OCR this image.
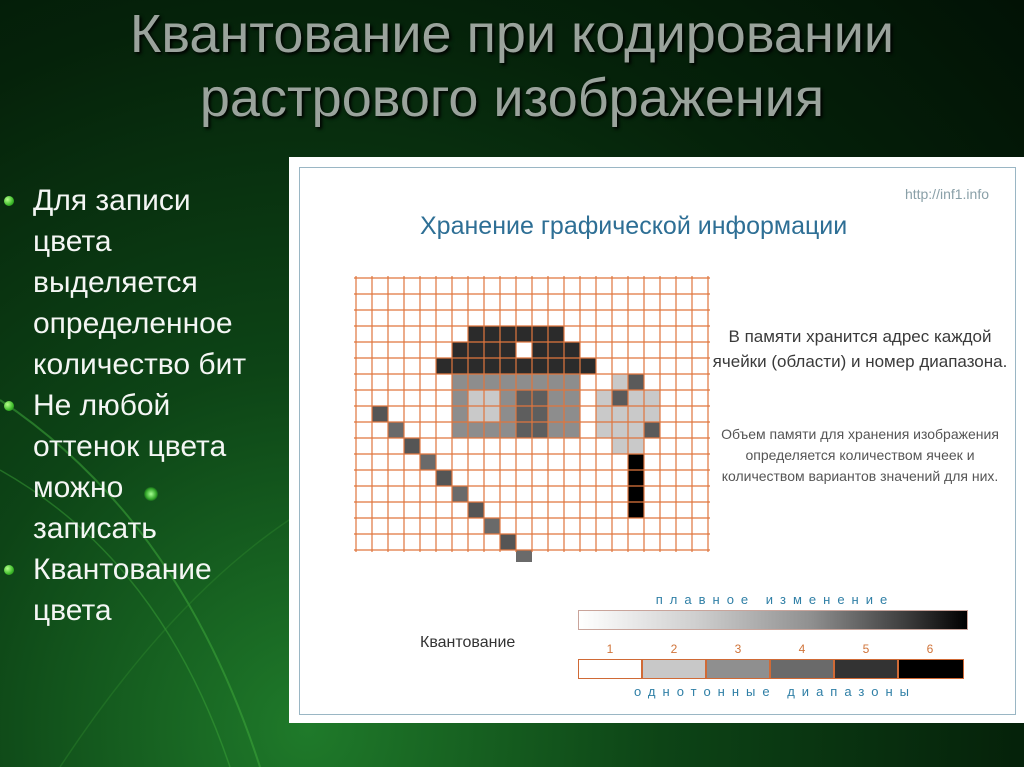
Квантование при кодировании
растрового изображения
Для записи
цвета
выделяется
определенное
количество бит
Не любой
оттенок цвета
можно
записать
Квантование
цвета
http://inf1.info
Хранение графической информации
В памяти хранится адрес каждой ячейки (области) и номер диапазона.
Объем памяти для хранения изображения определяется количеством ячеек и количеством вариантов значений для них.
плавное изменение
Квантование	1	2	3	4	5	6
однотонные диапазоны
